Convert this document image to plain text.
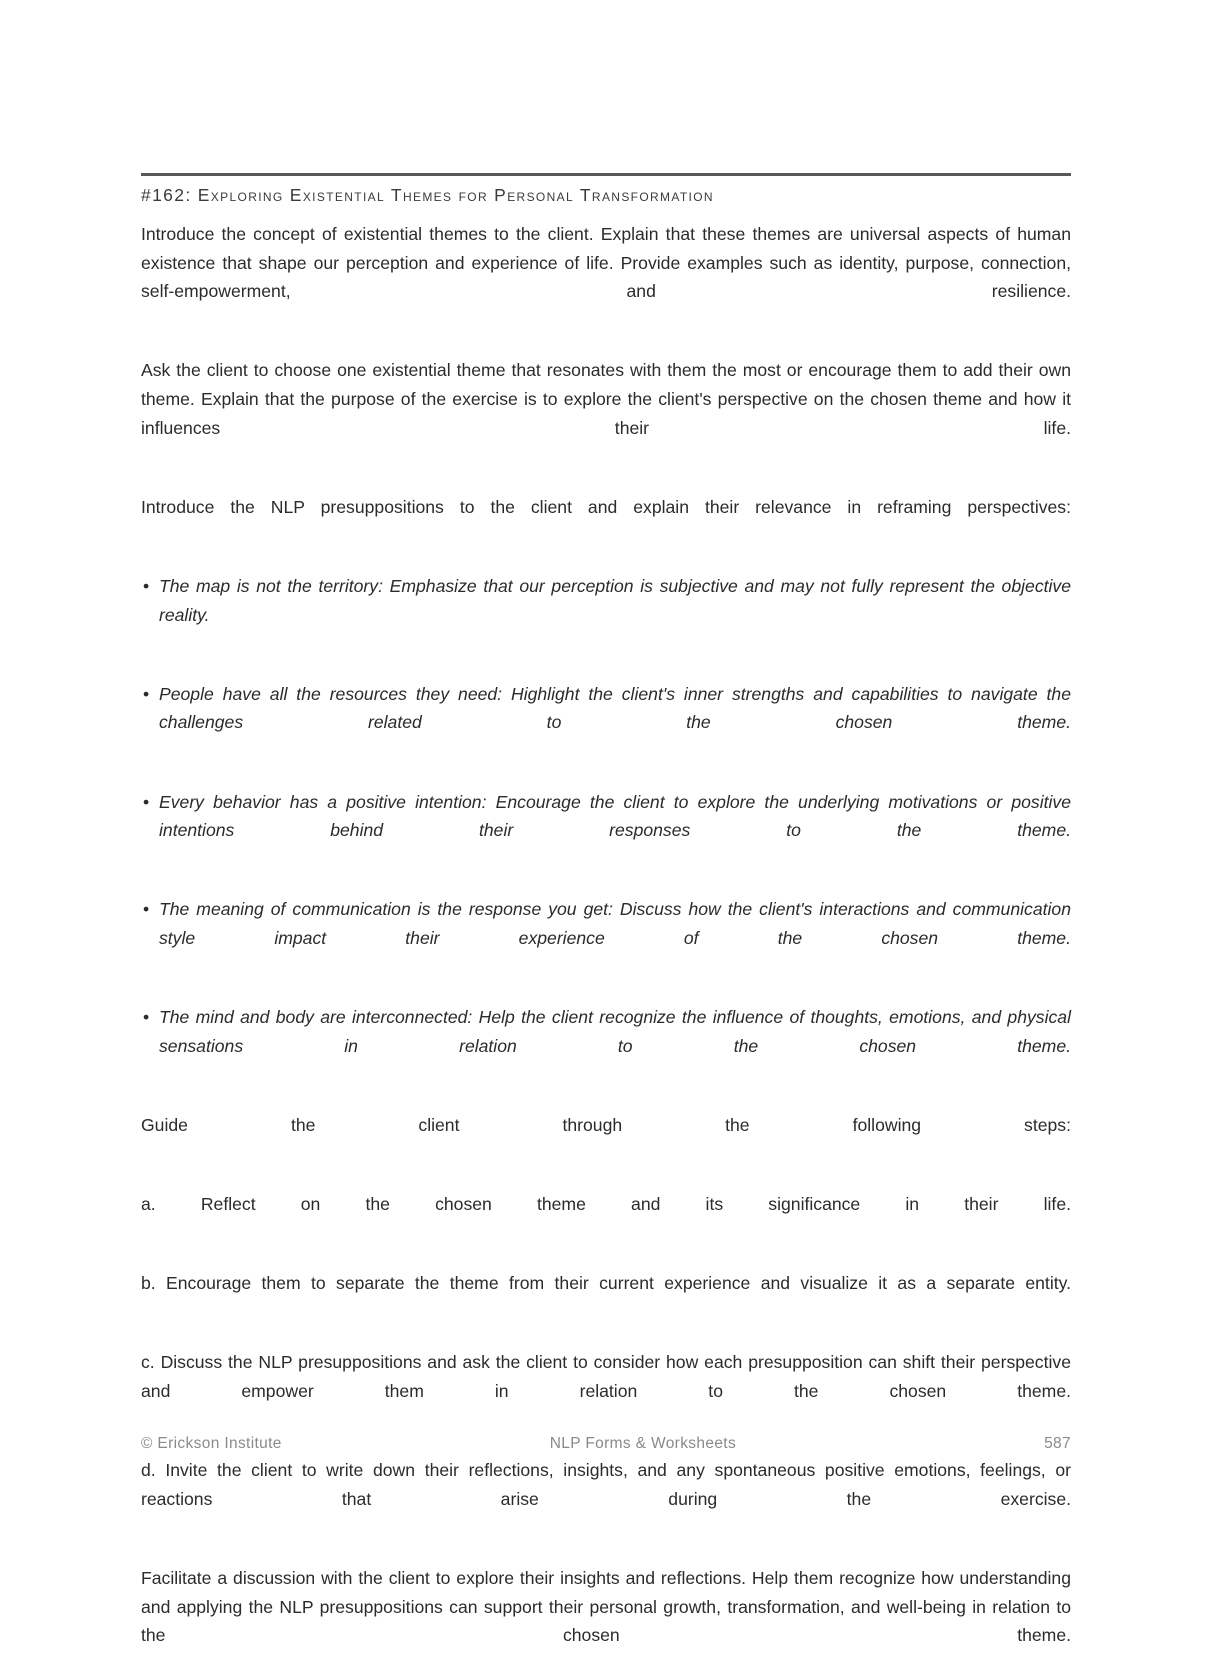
#162: Exploring Existential Themes for Personal Transformation

Introduce the concept of existential themes to the client. Explain that these themes are universal aspects of human existence that shape our perception and experience of life. Provide examples such as identity, purpose, connection, self-empowerment, and resilience.

Ask the client to choose one existential theme that resonates with them the most or encourage them to add their own theme. Explain that the purpose of the exercise is to explore the client's perspective on the chosen theme and how it influences their life.

Introduce the NLP presuppositions to the client and explain their relevance in reframing perspectives:

• The map is not the territory: Emphasize that our perception is subjective and may not fully represent the objective reality.
• People have all the resources they need: Highlight the client's inner strengths and capabilities to navigate the challenges related to the chosen theme.
• Every behavior has a positive intention: Encourage the client to explore the underlying motivations or positive intentions behind their responses to the theme.
• The meaning of communication is the response you get: Discuss how the client's interactions and communication style impact their experience of the chosen theme.
• The mind and body are interconnected: Help the client recognize the influence of thoughts, emotions, and physical sensations in relation to the chosen theme.

Guide the client through the following steps:

a. Reflect on the chosen theme and its significance in their life.

b. Encourage them to separate the theme from their current experience and visualize it as a separate entity.

c. Discuss the NLP presuppositions and ask the client to consider how each presupposition can shift their perspective and empower them in relation to the chosen theme.

d. Invite the client to write down their reflections, insights, and any spontaneous positive emotions, feelings, or reactions that arise during the exercise.

Facilitate a discussion with the client to explore their insights and reflections. Help them recognize how understanding and applying the NLP presuppositions can support their personal growth, transformation, and well-being in relation to the chosen theme.

© Erickson Institute	NLP Forms & Worksheets	587
